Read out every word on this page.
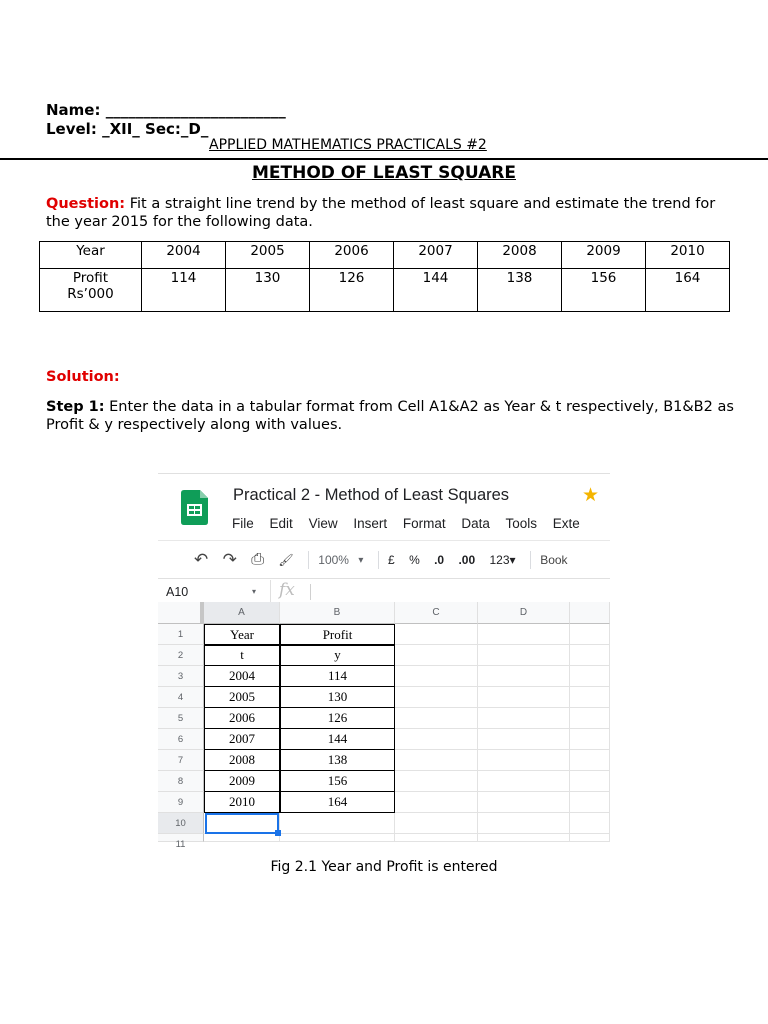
Name: ________________________
Level: _XII_ Sec:_D_
APPLIED MATHEMATICS PRACTICALS #2
METHOD OF LEAST SQUARE
Question: Fit a straight line trend by the method of least square and estimate the trend for the year 2015 for the following data.
Year	2004	2005	2006	2007	2008	2009	2010

Profit
Rs’000	114	130	126	144	138	156	164
Solution:
Step 1: Enter the data in a tabular format from Cell A1&A2 as Year & t respectively, B1&B2 as Profit & y respectively along with values.
Practical 2 - Method of Least Squares	★
File Edit View Insert Format Data Tools Exte
↶ ↷ ⎙ 🖌 100% ▾ £ % .0 .00 123▾ Book
A10	▾ fx
A	B	C	D
1	Year	Profit
2	t	y
3	2004	114
4	2005	130
5	2006	126
6	2007	144
7	2008	138
8	2009	156
9	2010	164
10
11
Fig 2.1 Year and Profit is entered
